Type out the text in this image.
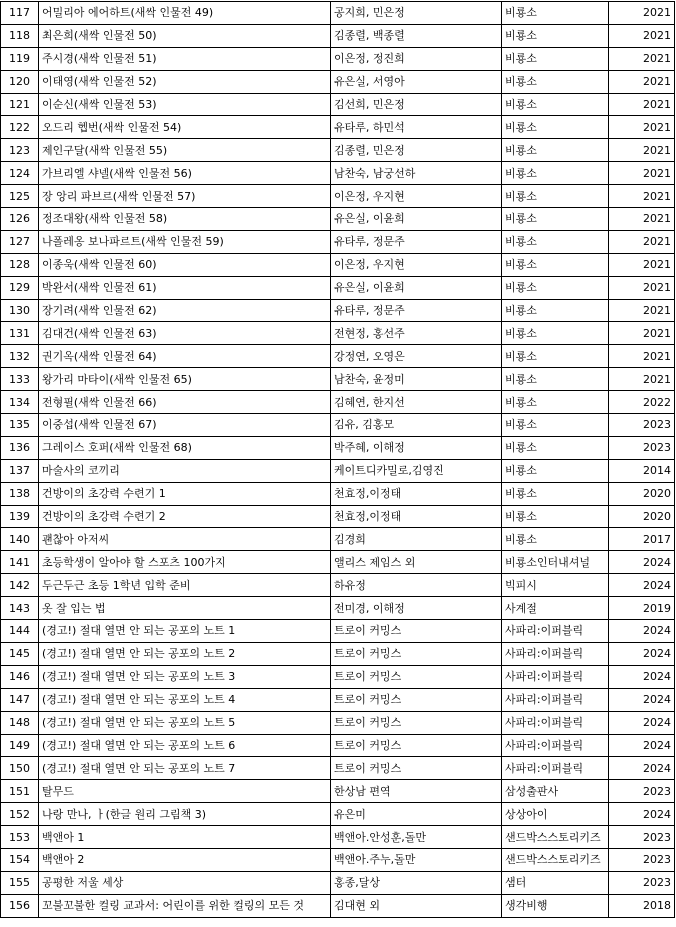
117	어밀리아 에어하트(새싹 인물전 49)	공지희, 민은정	비룡소	2021
118	최은희(새싹 인물전 50)	김종렬, 백종렬	비룡소	2021
119	주시경(새싹 인물전 51)	이은정, 정진희	비룡소	2021
120	이태영(새싹 인물전 52)	유은실, 서영아	비룡소	2021
121	이순신(새싹 인물전 53)	김선희, 민은정	비룡소	2021
122	오드리 헵번(새싹 인물전 54)	유타루, 하민석	비룡소	2021
123	제인구달(새싹 인물전 55)	김종렬, 민은정	비룡소	2021
124	가브리엘 샤넬(새싹 인물전 56)	남찬숙, 남궁선하	비룡소	2021
125	장 앙리 파브르(새싹 인물전 57)	이은정, 우지현	비룡소	2021
126	정조대왕(새싹 인물전 58)	유은실, 이윤희	비룡소	2021
127	나폴레옹 보나파르트(새싹 인물전 59)	유타루, 정문주	비룡소	2021
128	이종욱(새싹 인물전 60)	이은정, 우지현	비룡소	2021
129	박완서(새싹 인물전 61)	유은실, 이윤희	비룡소	2021
130	장기려(새싹 인물전 62)	유타루, 정문주	비룡소	2021
131	김대건(새싹 인물전 63)	전현정, 홍선주	비룡소	2021
132	권기옥(새싹 인물전 64)	강정연, 오영은	비룡소	2021
133	왕가리 마타이(새싹 인물전 65)	남찬숙, 윤정미	비룡소	2021
134	전형필(새싹 인물전 66)	김혜연, 한지선	비룡소	2022
135	이중섭(새싹 인물전 67)	김유, 김홍모	비룡소	2023
136	그레이스 호퍼(새싹 인물전 68)	박주혜, 이해정	비룡소	2023
137	마술사의 코끼리	케이트디카밀로,김영진	비룡소	2014
138	건방이의 초강력 수련기 1	천효정,이정태	비룡소	2020
139	건방이의 초강력 수련기 2	천효정,이정태	비룡소	2020
140	괜찮아 아저씨	김경희	비룡소	2017
141	초등학생이 알아야 할 스포츠 100가지	앨리스 제임스 외	비룡소인터내셔널	2024
142	두근두근 초등 1학년 입학 준비	하유정	빅피시	2024
143	옷 잘 입는 법	전미경, 이해정	사계절	2019
144	(경고!) 절대 열면 안 되는 공포의 노트 1	트로이 커밍스	사파리:이퍼블릭	2024
145	(경고!) 절대 열면 안 되는 공포의 노트 2	트로이 커밍스	사파리:이퍼블릭	2024
146	(경고!) 절대 열면 안 되는 공포의 노트 3	트로이 커밍스	사파리:이퍼블릭	2024
147	(경고!) 절대 열면 안 되는 공포의 노트 4	트로이 커밍스	사파리:이퍼블릭	2024
148	(경고!) 절대 열면 안 되는 공포의 노트 5	트로이 커밍스	사파리:이퍼블릭	2024
149	(경고!) 절대 열면 안 되는 공포의 노트 6	트로이 커밍스	사파리:이퍼블릭	2024
150	(경고!) 절대 열면 안 되는 공포의 노트 7	트로이 커밍스	사파리:이퍼블릭	2024
151	탈무드	한상남 편역	삼성출판사	2023
152	나랑 만나, ㅏ(한글 원리 그림책 3)	유은미	상상아이	2024
153	백앤아 1	백앤아.안성훈,돌만	샌드박스스토리키즈	2023
154	백앤아 2	백앤아.주누,돌만	샌드박스스토리키즈	2023
155	공평한 저울 세상	홍종,달상	샘터	2023
156	꼬불꼬불한 컬링 교과서: 어린이를 위한 컬링의 모든 것	김대현 외	생각비행	2018
